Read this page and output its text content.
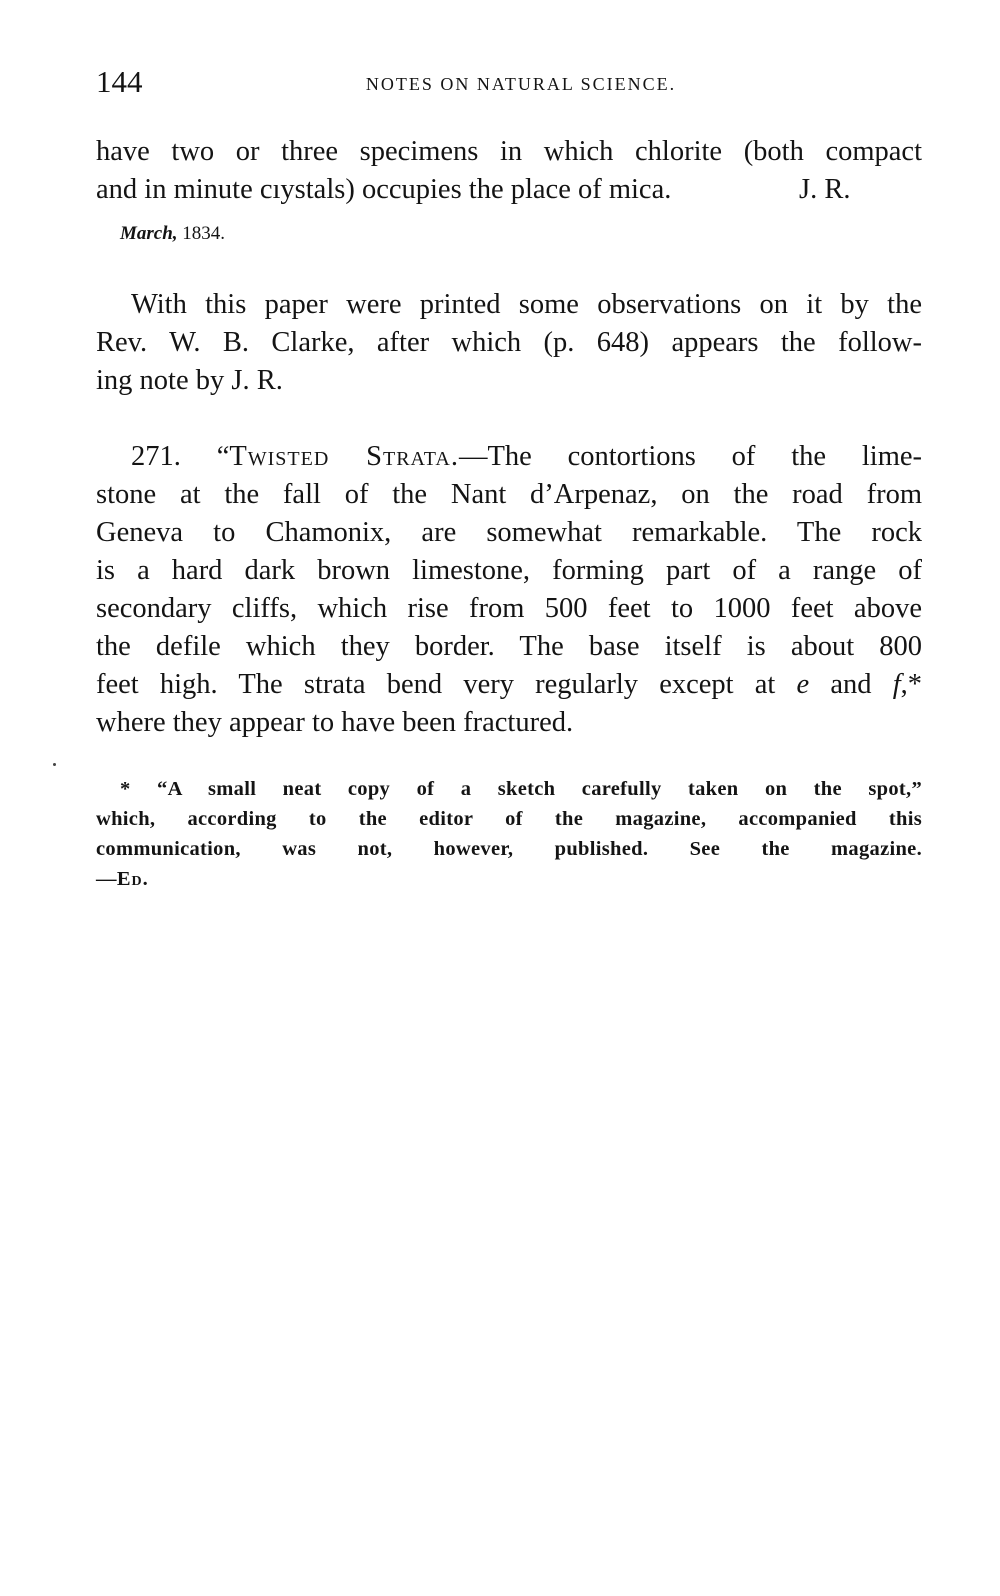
144	NOTES ON NATURAL SCIENCE.
have two or three specimens in which chlorite (both compact
and in minute cıystals) occupies the place of mica.	J. R.
March, 1834.
With this paper were printed some observations on it by the
Rev. W. B. Clarke, after which (p. 648) appears the follow-
ing note by J. R.
271. “Twisted Strata.—The contortions of the lime-
stone at the fall of the Nant d’Arpenaz, on the road from
Geneva to Chamonix, are somewhat remarkable. The rock
is a hard dark brown limestone, forming part of a range of
secondary cliffs, which rise from 500 feet to 1000 feet above
the defile which they border. The base itself is about 800
feet high. The strata bend very regularly except at e and f,*
where they appear to have been fractured.
* “A small neat copy of a sketch carefully taken on the spot,”
which, according to the editor of the magazine, accompanied this
communication, was not, however, published. See the magazine.
—Ed.
